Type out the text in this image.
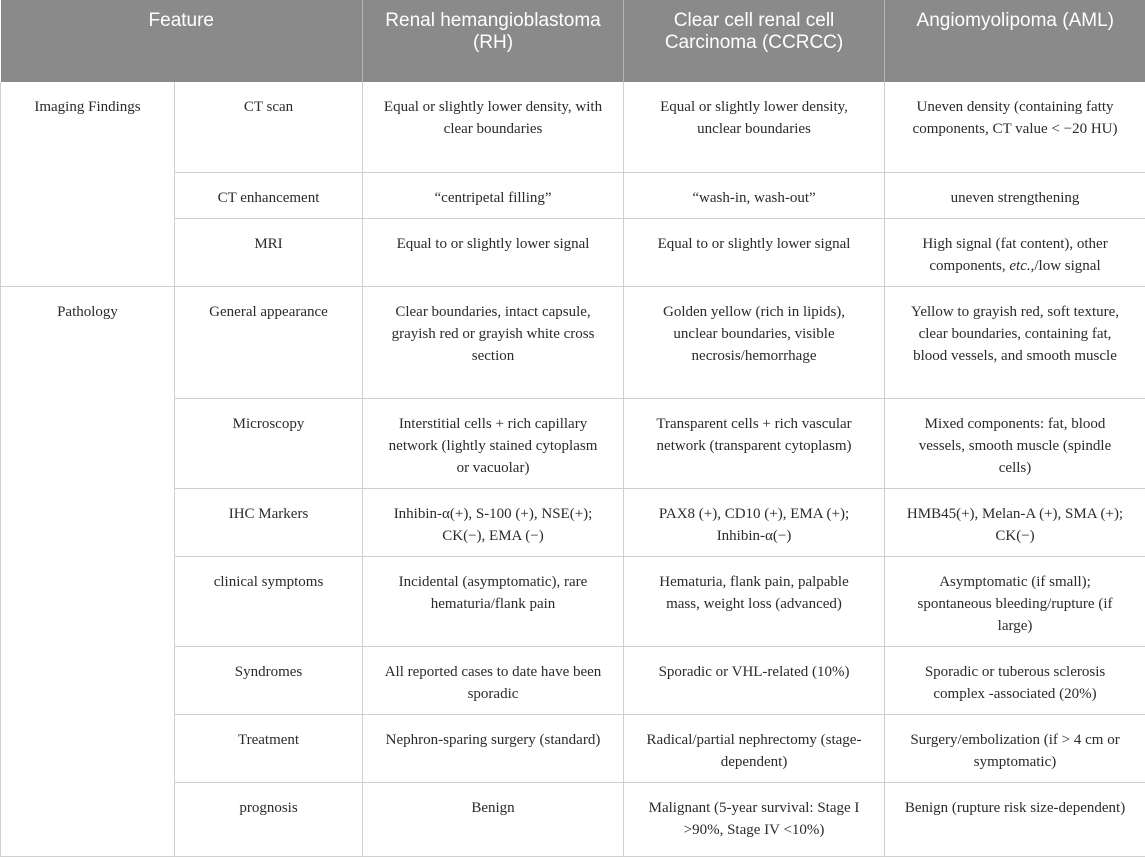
Feature		Renal hemangioblastoma (RH)	Clear cell renal cell Carcinoma (CCRCC)	Angiomyolipoma (AML)
Imaging Findings	CT scan	Equal or slightly lower density, with clear boundaries	Equal or slightly lower density, unclear boundaries	Uneven density (containing fatty components, CT value < −20 HU)
	CT enhancement	“centripetal filling”	“wash-in, wash-out”	uneven strengthening
	MRI	Equal to or slightly lower signal	Equal to or slightly lower signal	High signal (fat content), other components, etc.,/low signal
Pathology	General appearance	Clear boundaries, intact capsule, grayish red or grayish white cross section	Golden yellow (rich in lipids), unclear boundaries, visible necrosis/hemorrhage	Yellow to grayish red, soft texture, clear boundaries, containing fat, blood vessels, and smooth muscle
	Microscopy	Interstitial cells + rich capillary network (lightly stained cytoplasm or vacuolar)	Transparent cells + rich vascular network (transparent cytoplasm)	Mixed components: fat, blood vessels, smooth muscle (spindle cells)
	IHC Markers	Inhibin-α(+), S-100 (+), NSE(+); CK(−), EMA (−)	PAX8 (+), CD10 (+), EMA (+); Inhibin-α(−)	HMB45(+), Melan-A (+), SMA (+); CK(−)
	clinical symptoms	Incidental (asymptomatic), rare hematuria/flank pain	Hematuria, flank pain, palpable mass, weight loss (advanced)	Asymptomatic (if small); spontaneous bleeding/rupture (if large)
	Syndromes	All reported cases to date have been sporadic	Sporadic or VHL-related (10%)	Sporadic or tuberous sclerosis complex -associated (20%)
	Treatment	Nephron-sparing surgery (standard)	Radical/partial nephrectomy (stage-dependent)	Surgery/embolization (if > 4 cm or symptomatic)
	prognosis	Benign	Malignant (5-year survival: Stage I >90%, Stage IV <10%)	Benign (rupture risk size-dependent)
